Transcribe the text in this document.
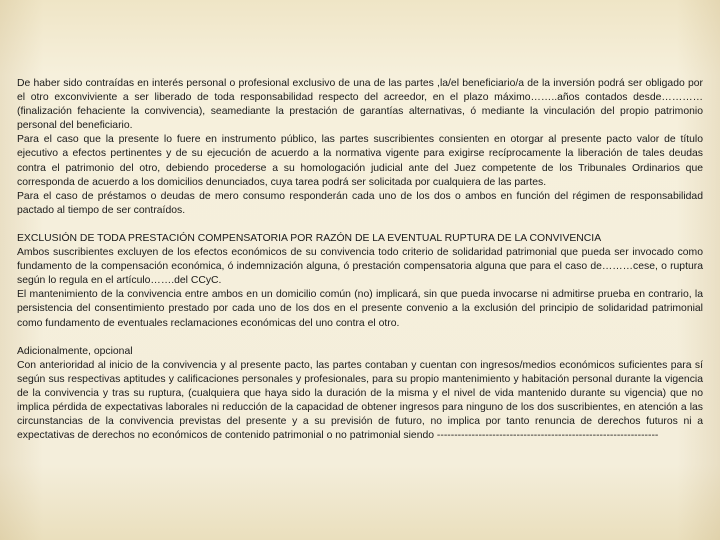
De haber sido contraídas en interés personal o profesional exclusivo de una de las partes ,la/el beneficiario/a de la inversión podrá ser obligado por el otro exconviviente a ser liberado de toda responsabilidad respecto del acreedor, en el plazo máximo……..años contados desde…………(finalización fehaciente la convivencia), seamediante la prestación de garantías alternativas, ó mediante la vinculación del propio patrimonio personal del beneficiario.

Para el caso que la presente lo fuere en instrumento público, las partes suscribientes consienten en otorgar al presente pacto valor de título ejecutivo a efectos pertinentes y de su ejecución de acuerdo a la normativa vigente para exigirse recíprocamente la liberación de tales deudas contra el patrimonio del otro, debiendo procederse a su homologación judicial ante del Juez competente de los Tribunales Ordinarios que corresponda de acuerdo a los domicilios denunciados, cuya tarea podrá ser solicitada por cualquiera de las partes.

Para el caso de préstamos o deudas de mero consumo responderán cada uno de los dos o ambos en función del régimen de responsabilidad pactado al tiempo de ser contraídos.

EXCLUSIÓN DE TODA PRESTACIÓN COMPENSATORIA POR RAZÓN DE LA EVENTUAL RUPTURA DE LA CONVIVENCIA

Ambos suscribientes excluyen de los efectos económicos de su convivencia todo criterio de solidaridad patrimonial que pueda ser invocado como fundamento de la compensación económica, ó indemnización alguna, ó prestación compensatoria alguna que para el caso de………cese, o ruptura según lo regula en el artículo…….del CCyC.

El mantenimiento de la convivencia entre ambos en un domicilio común (no) implicará, sin que pueda invocarse ni admitirse prueba en contrario, la persistencia del consentimiento prestado por cada uno de los dos en el presente convenio a la exclusión del principio de solidaridad patrimonial como fundamento de eventuales reclamaciones económicas del uno contra el otro.

Adicionalmente, opcional

Con anterioridad al inicio de la convivencia y al presente pacto, las partes contaban y cuentan con ingresos/medios económicos suficientes para sí según sus respectivas aptitudes y calificaciones personales y profesionales, para su propio mantenimiento y habitación personal durante la vigencia de la convivencia y tras su ruptura, (cualquiera que haya sido la duración de la misma y el nivel de vida mantenido durante su vigencia) que no implica pérdida de expectativas laborales ni reducción de la capacidad de obtener ingresos para ninguno de los dos suscribientes, en atención a las circunstancias de la convivencia previstas del presente y a su previsión de futuro, no implica por tanto renuncia de derechos futuros ni a expectativas de derechos no económicos de contenido patrimonial o no patrimonial siendo ----------------------------------------------------------------
